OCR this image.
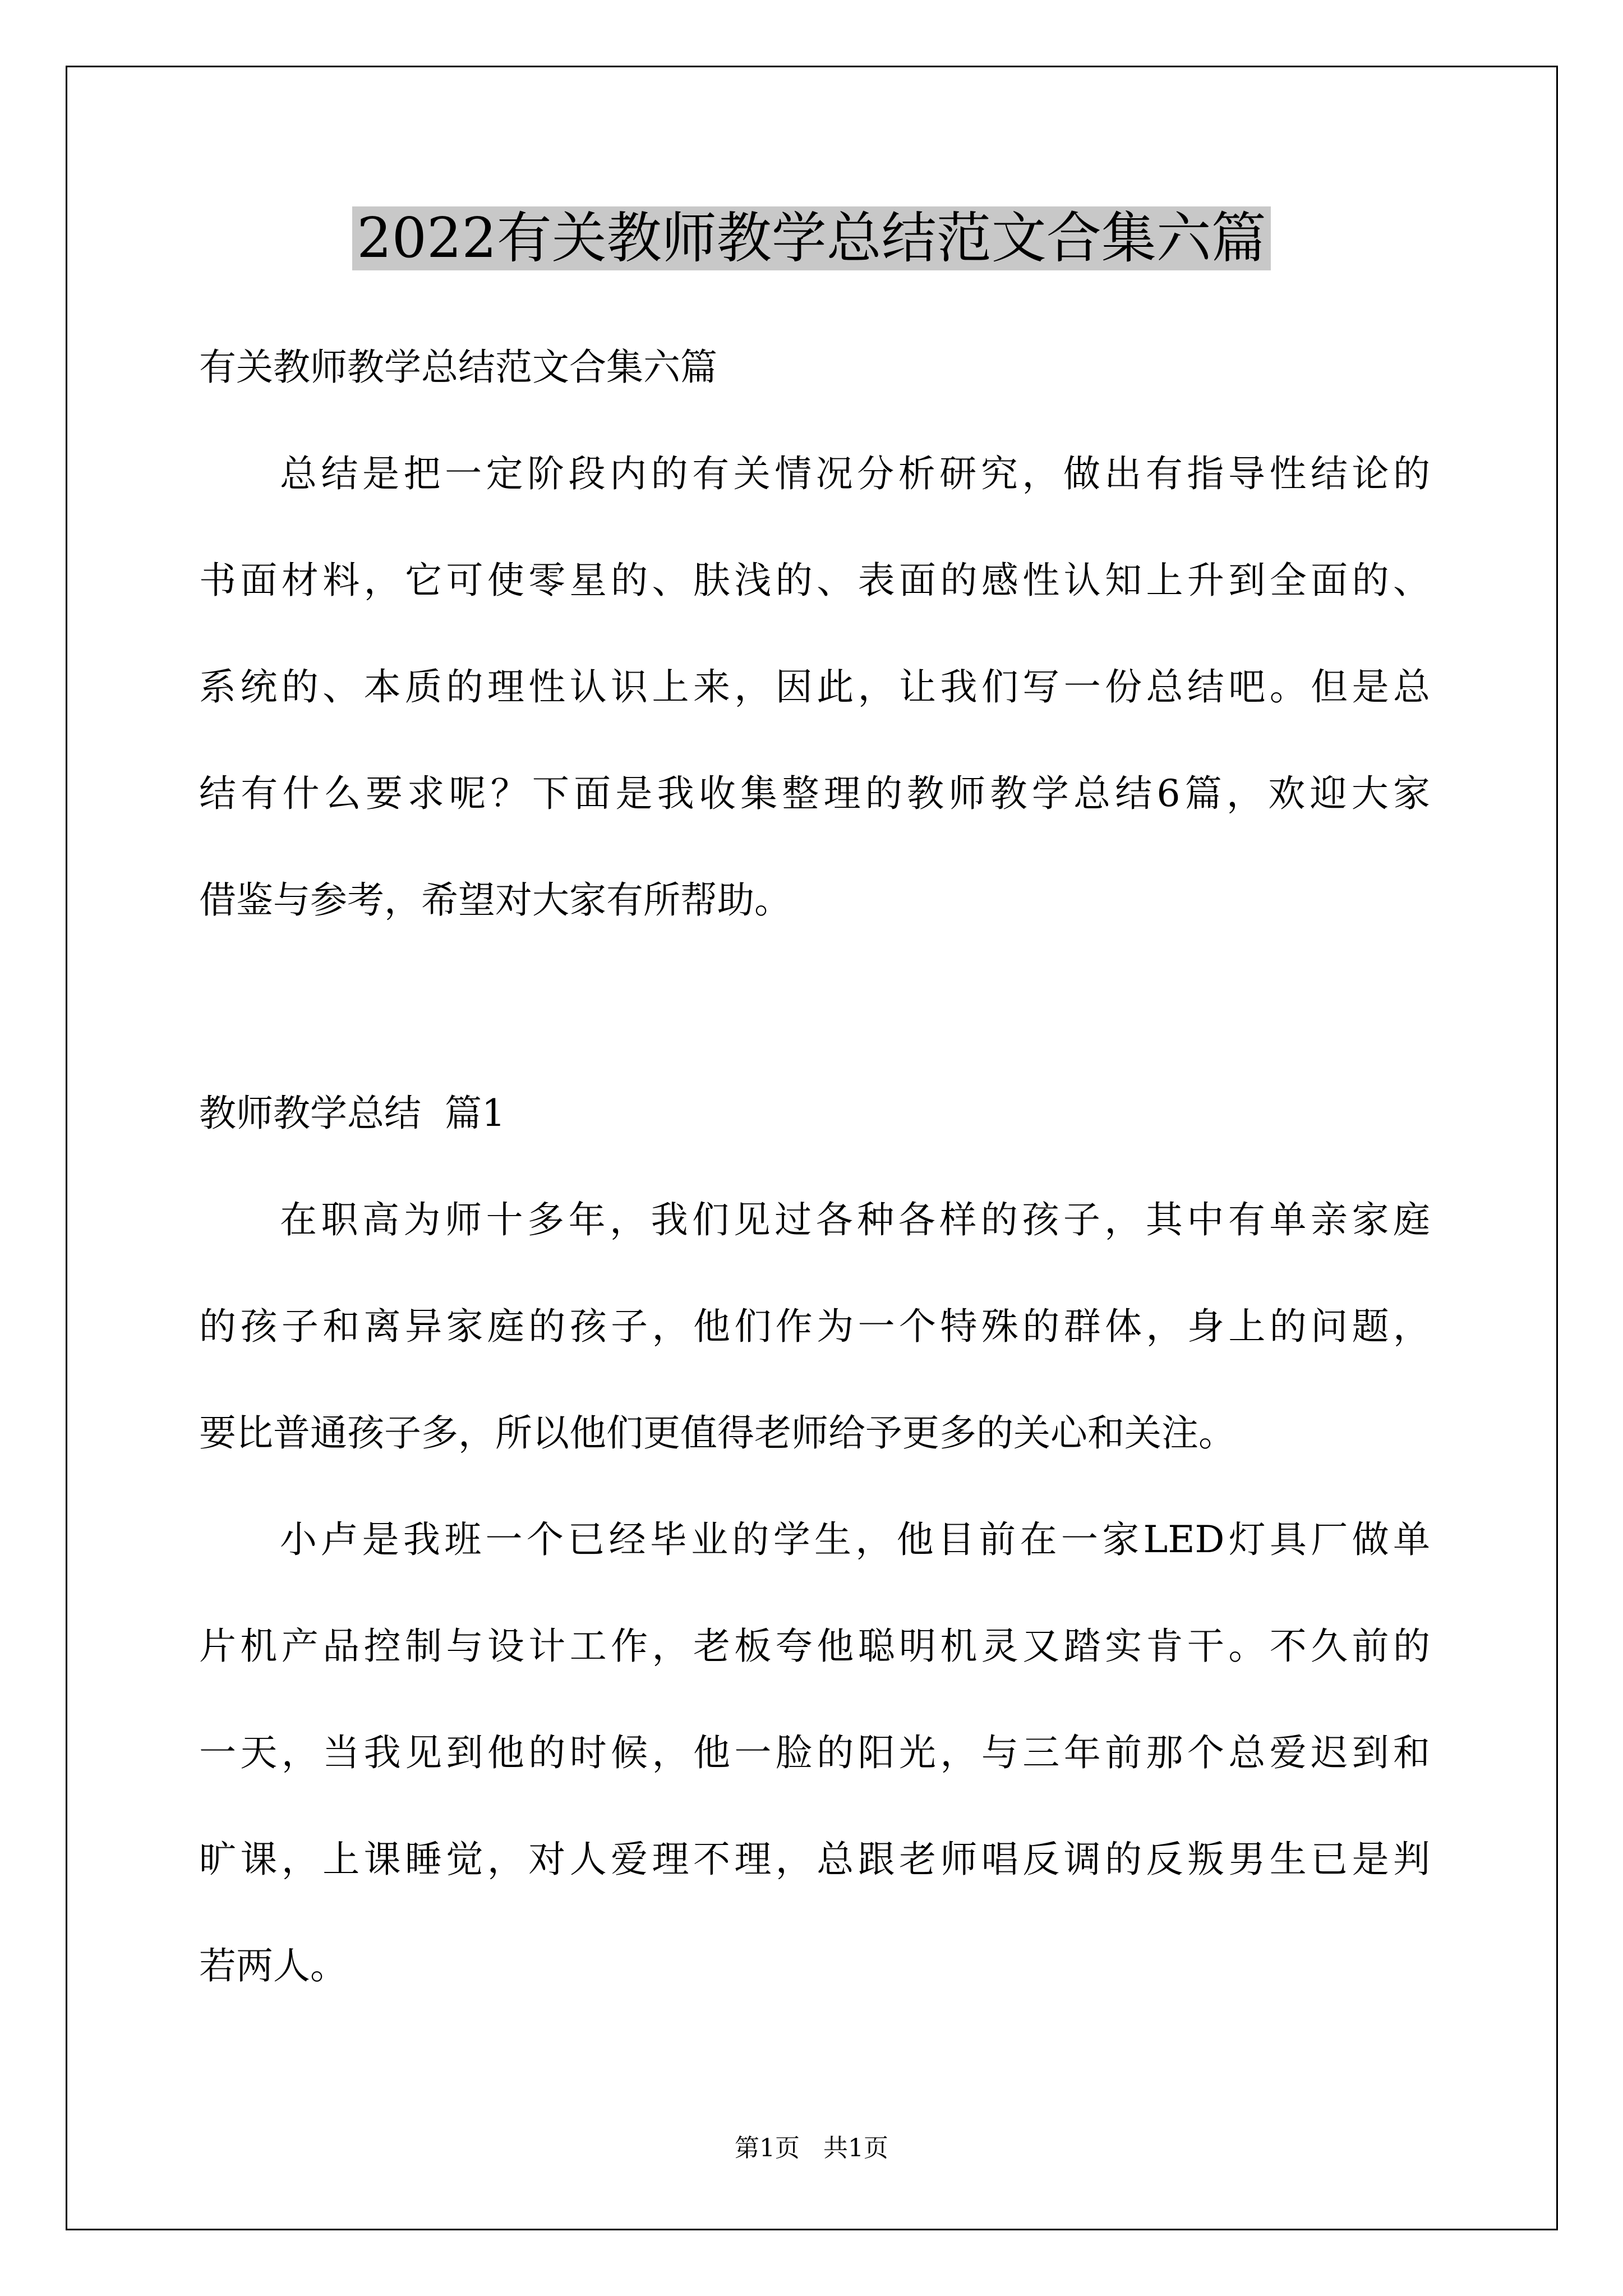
2022有关教师教学总结范文合集六篇
有关教师教学总结范文合集六篇
总结是把一定阶段内的有关情况分析研究，做出有指导性结论的
书面材料，它可使零星的、肤浅的、表面的感性认知上升到全面的、
系统的、本质的理性认识上来，因此，让我们写一份总结吧。但是总
结有什么要求呢？下面是我收集整理的教师教学总结6篇，欢迎大家
借鉴与参考，希望对大家有所帮助。
教师教学总结  篇1
在职高为师十多年，我们见过各种各样的孩子，其中有单亲家庭
的孩子和离异家庭的孩子，他们作为一个特殊的群体，身上的问题，
要比普通孩子多，所以他们更值得老师给予更多的关心和关注。
小卢是我班一个已经毕业的学生，他目前在一家LED灯具厂做单
片机产品控制与设计工作，老板夸他聪明机灵又踏实肯干。不久前的
一天，当我见到他的时候，他一脸的阳光，与三年前那个总爱迟到和
旷课，上课睡觉，对人爱理不理，总跟老师唱反调的反叛男生已是判
若两人。
第1页   共1页
